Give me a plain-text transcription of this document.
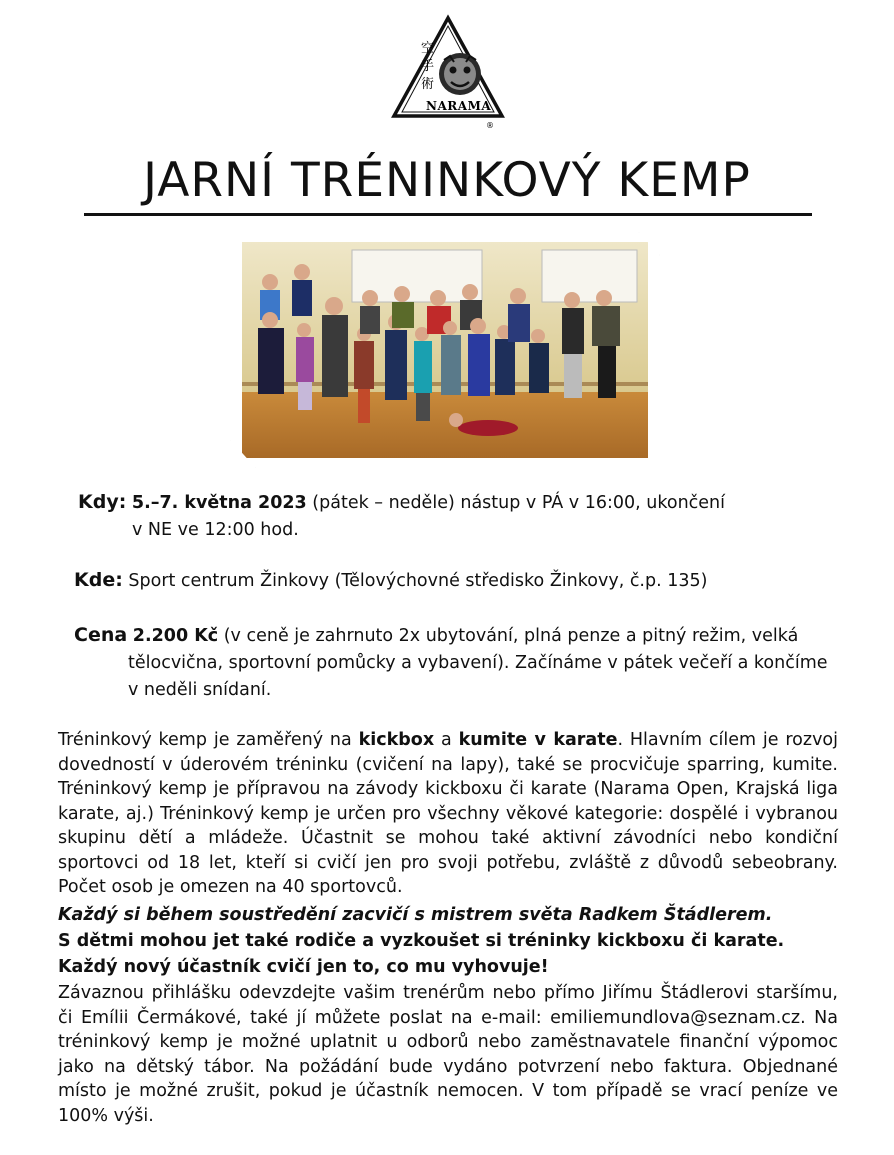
空
手
術
NARAMA
®
JARNÍ TRÉNINKOVÝ KEMP
Kdy: 5.–7. května 2023 (pátek – neděle) nástup v PÁ v 16:00, ukončení
v NE ve 12:00 hod.
Kde: Sport centrum Žinkovy (Tělovýchovné středisko Žinkovy, č.p. 135)
Cena 2.200 Kč (v ceně je zahrnuto 2x ubytování, plná penze a pitný režim, velká
tělocvična, sportovní pomůcky a vybavení). Začínáme v pátek večeří a končíme
v neděli snídaní.

Tréninkový kemp je zaměřený na kickbox a kumite v karate. Hlavním cílem je rozvoj dovedností v úderovém tréninku (cvičení na lapy), také se procvičuje sparring, kumite. Tréninkový kemp je přípravou na závody kickboxu či karate (Narama Open, Krajská liga karate, aj.) Tréninkový kemp je určen pro všechny věkové kategorie: dospělé i vybranou skupinu dětí a mládeže. Účastnit se mohou také aktivní závodníci nebo kondiční sportovci od 18 let, kteří si cvičí jen pro svoji potřebu, zvláště z důvodů sebeobrany. Počet osob je omezen na 40 sportovců.

Každý si během soustředění zacvičí s mistrem světa Radkem Štádlerem.

S dětmi mohou jet také rodiče a vyzkoušet si tréninky kickboxu či karate.

Každý nový účastník cvičí jen to, co mu vyhovuje!

Závaznou přihlášku odevzdejte vašim trenérům nebo přímo Jiřímu Štádlerovi staršímu, či Emílii Čermákové, také jí můžete poslat na e-mail: emiliemundlova@seznam.cz. Na tréninkový kemp je možné uplatnit u odborů nebo zaměstnavatele finanční výpomoc jako na dětský tábor. Na požádání bude vydáno potvrzení nebo faktura. Objednané místo je možné zrušit, pokud je účastník nemocen. V tom případě se vrací peníze ve 100% výši.
